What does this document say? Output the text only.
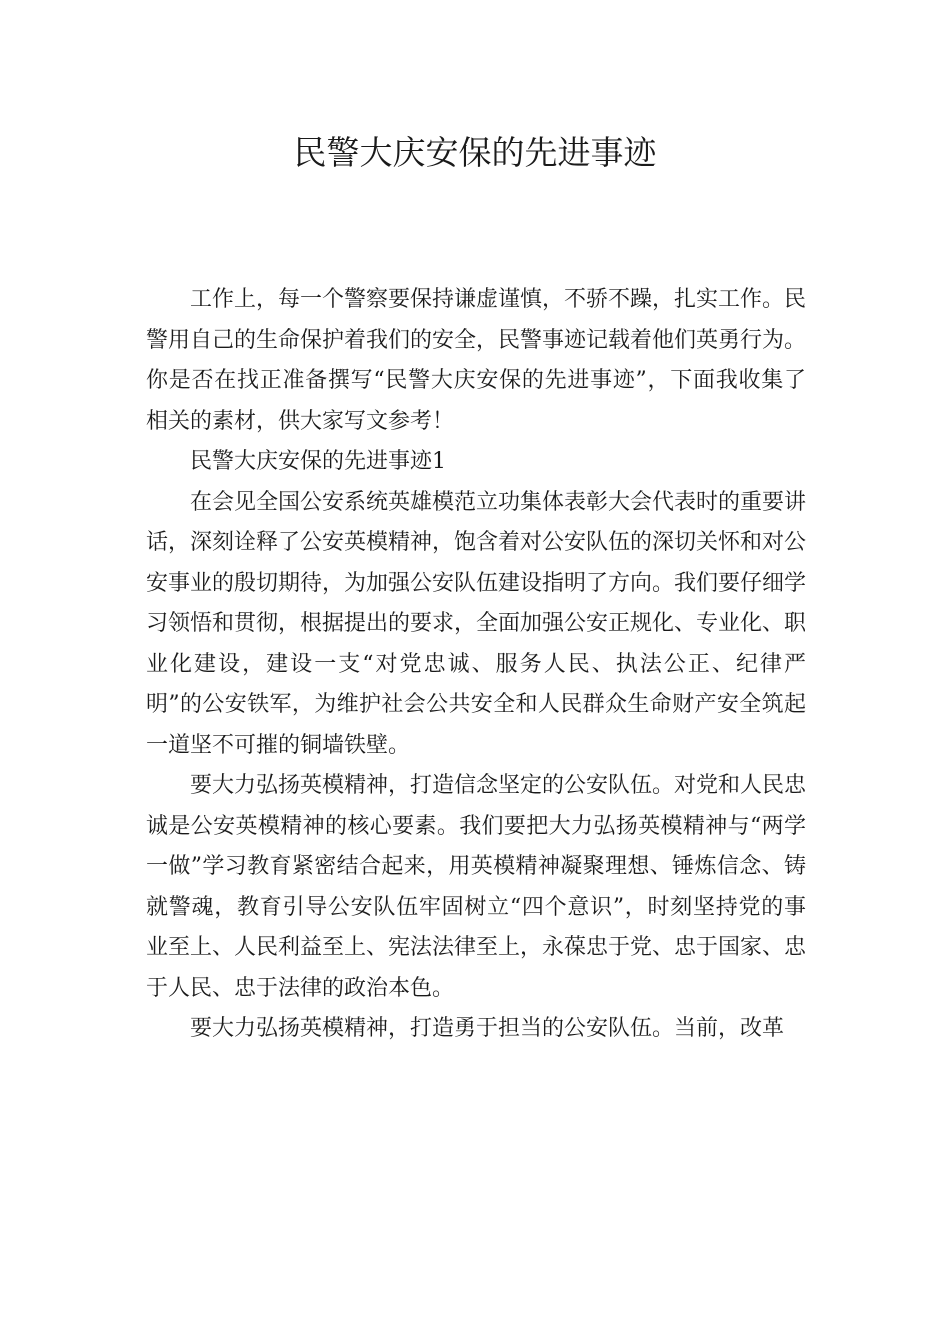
民警大庆安保的先进事迹

工作上，每一个警察要保持谦虚谨慎，不骄不躁，扎实工作。民警用自己的生命保护着我们的安全，民警事迹记载着他们英勇行为。你是否在找正准备撰写“民警大庆安保的先进事迹”，下面我收集了相关的素材，供大家写文参考！

民警大庆安保的先进事迹1

在会见全国公安系统英雄模范立功集体表彰大会代表时的重要讲话，深刻诠释了公安英模精神，饱含着对公安队伍的深切关怀和对公安事业的殷切期待，为加强公安队伍建设指明了方向。我们要仔细学习领悟和贯彻，根据提出的要求，全面加强公安正规化、专业化、职业化建设，建设一支“对党忠诚、服务人民、执法公正、纪律严明”的公安铁军，为维护社会公共安全和人民群众生命财产安全筑起一道坚不可摧的铜墙铁壁。

要大力弘扬英模精神，打造信念坚定的公安队伍。对党和人民忠诚是公安英模精神的核心要素。我们要把大力弘扬英模精神与“两学一做”学习教育紧密结合起来，用英模精神凝聚理想、锤炼信念、铸就警魂，教育引导公安队伍牢固树立“四个意识”，时刻坚持党的事业至上、人民利益至上、宪法法律至上，永葆忠于党、忠于国家、忠于人民、忠于法律的政治本色。

要大力弘扬英模精神，打造勇于担当的公安队伍。当前，改革
